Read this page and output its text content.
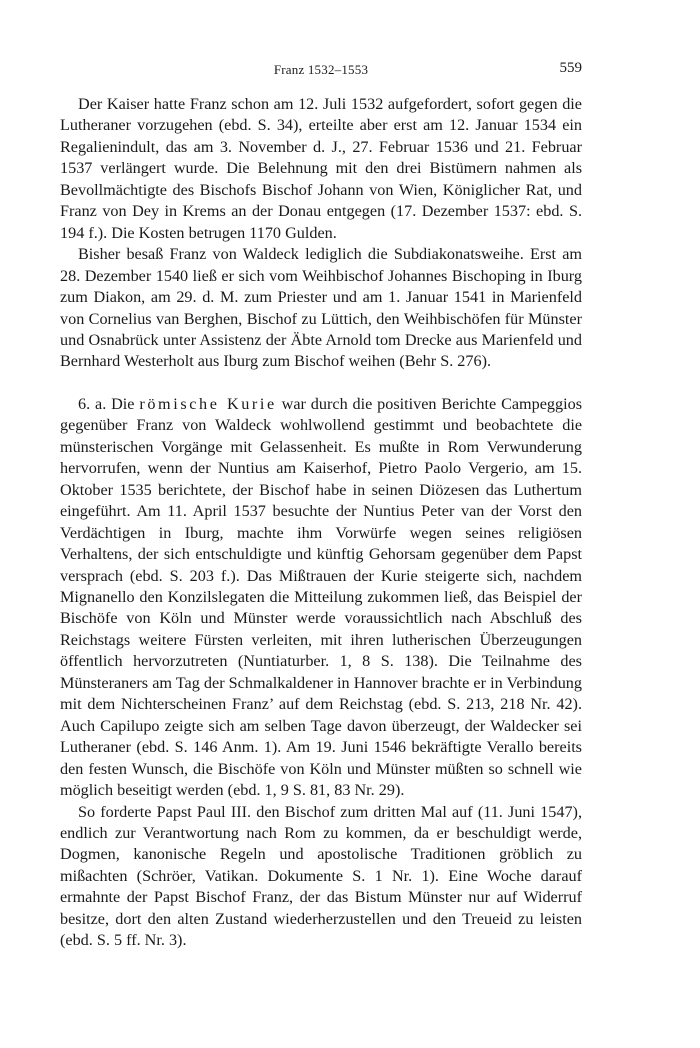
Franz 1532–1553	559

Der Kaiser hatte Franz schon am 12. Juli 1532 aufgefordert, sofort gegen die Lutheraner vorzugehen (ebd. S. 34), erteilte aber erst am 12. Januar 1534 ein Regalienindult, das am 3. November d. J., 27. Februar 1536 und 21. Februar 1537 verlängert wurde. Die Belehnung mit den drei Bistümern nahmen als Bevollmächtigte des Bischofs Bischof Johann von Wien, Königlicher Rat, und Franz von Dey in Krems an der Donau entgegen (17. Dezember 1537: ebd. S. 194 f.). Die Kosten betrugen 1170 Gulden.

Bisher besaß Franz von Waldeck lediglich die Subdiakonatsweihe. Erst am 28. Dezember 1540 ließ er sich vom Weihbischof Johannes Bischoping in Iburg zum Diakon, am 29. d. M. zum Priester und am 1. Januar 1541 in Marienfeld von Cornelius van Berghen, Bischof zu Lüttich, den Weihbischöfen für Münster und Osnabrück unter Assistenz der Äbte Arnold tom Drecke aus Marienfeld und Bernhard Westerholt aus Iburg zum Bischof weihen (Behr S. 276).

6. a. Die römische Kurie war durch die positiven Berichte Campeggios gegenüber Franz von Waldeck wohlwollend gestimmt und beobachtete die münsterischen Vorgänge mit Gelassenheit. Es mußte in Rom Verwunderung hervorrufen, wenn der Nuntius am Kaiserhof, Pietro Paolo Vergerio, am 15. Oktober 1535 berichtete, der Bischof habe in seinen Diözesen das Luthertum eingeführt. Am 11. April 1537 besuchte der Nuntius Peter van der Vorst den Verdächtigen in Iburg, machte ihm Vorwürfe wegen seines religiösen Verhaltens, der sich entschuldigte und künftig Gehorsam gegenüber dem Papst versprach (ebd. S. 203 f.). Das Mißtrauen der Kurie steigerte sich, nachdem Mignanello den Konzilslegaten die Mitteilung zukommen ließ, das Beispiel der Bischöfe von Köln und Münster werde voraussichtlich nach Abschluß des Reichstags weitere Fürsten verleiten, mit ihren lutherischen Überzeugungen öffentlich hervorzutreten (Nuntiaturber. 1, 8 S. 138). Die Teilnahme des Münsteraners am Tag der Schmalkaldener in Hannover brachte er in Verbindung mit dem Nichterscheinen Franz’ auf dem Reichstag (ebd. S. 213, 218 Nr. 42). Auch Capilupo zeigte sich am selben Tage davon überzeugt, der Waldecker sei Lutheraner (ebd. S. 146 Anm. 1). Am 19. Juni 1546 bekräftigte Verallo bereits den festen Wunsch, die Bischöfe von Köln und Münster müßten so schnell wie möglich beseitigt werden (ebd. 1, 9 S. 81, 83 Nr. 29).

So forderte Papst Paul III. den Bischof zum dritten Mal auf (11. Juni 1547), endlich zur Verantwortung nach Rom zu kommen, da er beschuldigt werde, Dogmen, kanonische Regeln und apostolische Traditionen gröblich zu mißachten (Schröer, Vatikan. Dokumente S. 1 Nr. 1). Eine Woche darauf ermahnte der Papst Bischof Franz, der das Bistum Münster nur auf Widerruf besitze, dort den alten Zustand wiederherzustellen und den Treueid zu leisten (ebd. S. 5 ff. Nr. 3).
